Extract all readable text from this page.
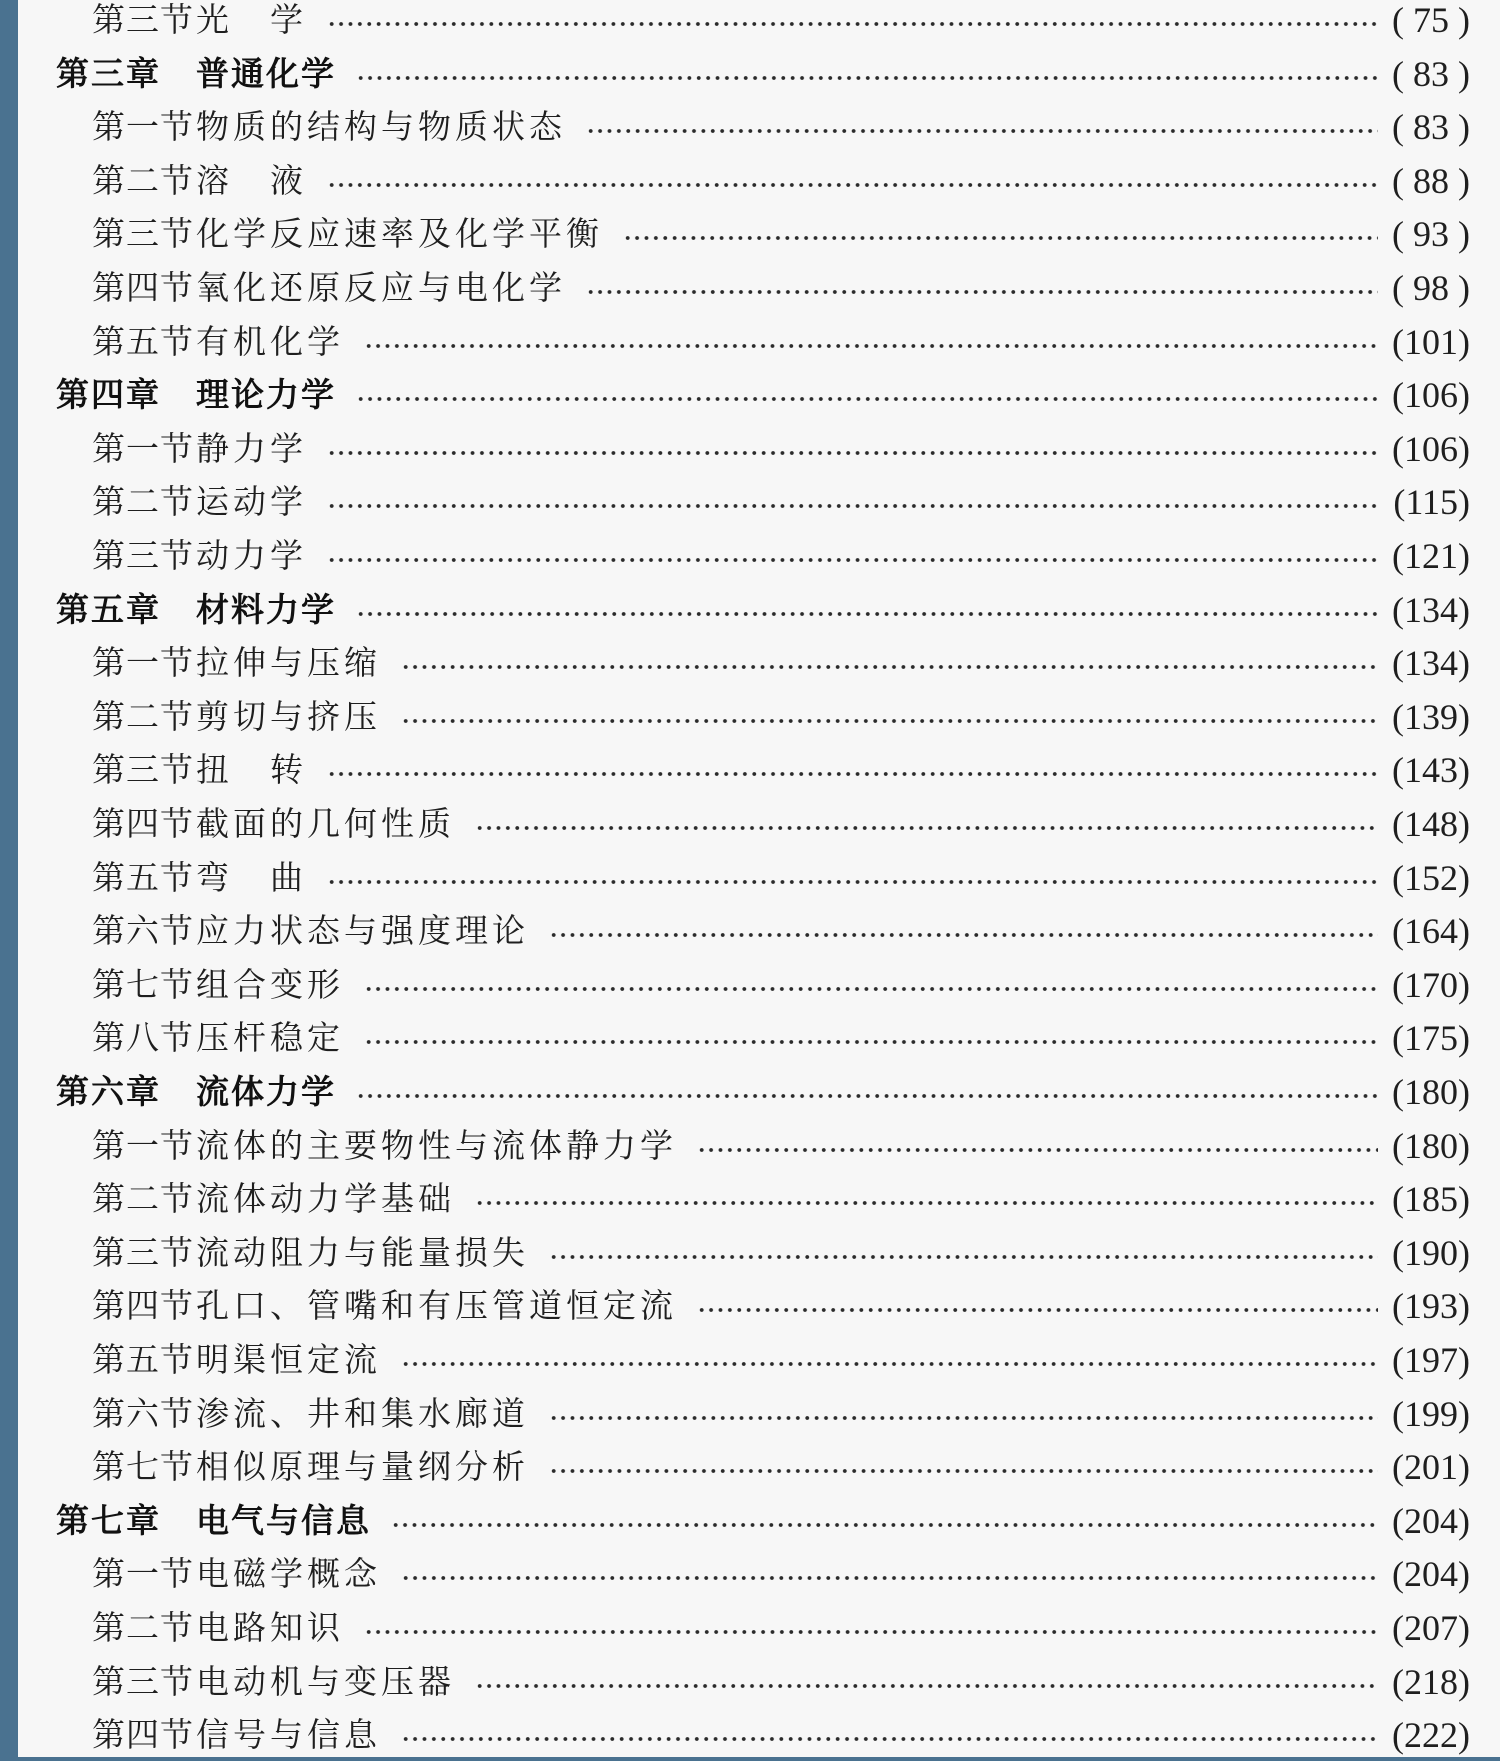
第三节 光　学	( 75 )
第三章 普通化学	( 83 )
第一节 物质的结构与物质状态	( 83 )
第二节 溶　液	( 88 )
第三节 化学反应速率及化学平衡	( 93 )
第四节 氧化还原反应与电化学	( 98 )
第五节 有机化学	(101)
第四章 理论力学	(106)
第一节 静力学	(106)
第二节 运动学	(115)
第三节 动力学	(121)
第五章 材料力学	(134)
第一节 拉伸与压缩	(134)
第二节 剪切与挤压	(139)
第三节 扭　转	(143)
第四节 截面的几何性质	(148)
第五节 弯　曲	(152)
第六节 应力状态与强度理论	(164)
第七节 组合变形	(170)
第八节 压杆稳定	(175)
第六章 流体力学	(180)
第一节 流体的主要物性与流体静力学	(180)
第二节 流体动力学基础	(185)
第三节 流动阻力与能量损失	(190)
第四节 孔口、管嘴和有压管道恒定流	(193)
第五节 明渠恒定流	(197)
第六节 渗流、井和集水廊道	(199)
第七节 相似原理与量纲分析	(201)
第七章 电气与信息	(204)
第一节 电磁学概念	(204)
第二节 电路知识	(207)
第三节 电动机与变压器	(218)
第四节 信号与信息	(222)
